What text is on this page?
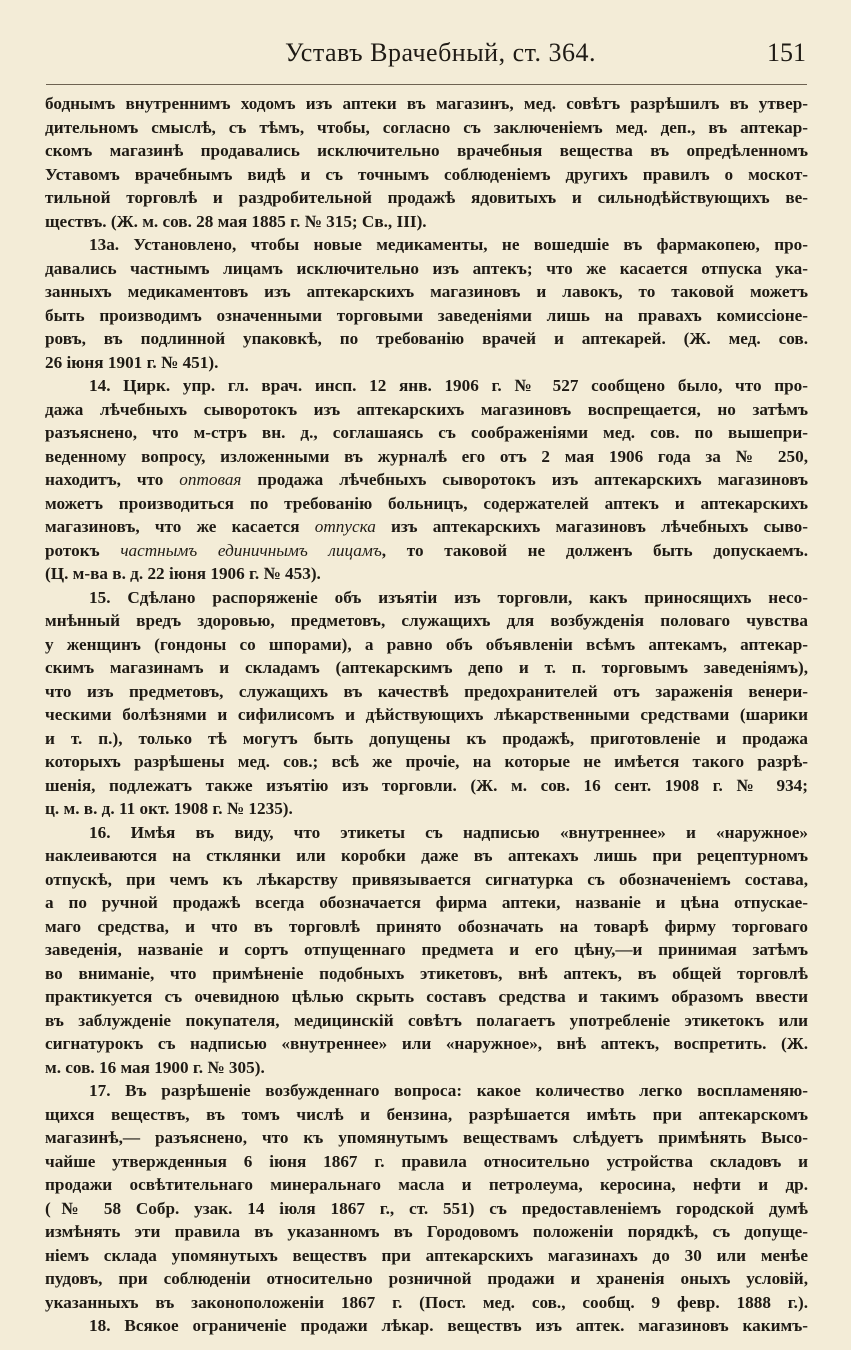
Уставъ Врачебный, ст. 364.	151
боднымъ внутреннимъ ходомъ изъ аптеки въ магазинъ, мед. совѣтъ разрѣшилъ въ утвер-
дительномъ смыслѣ, съ тѣмъ, чтобы, согласно съ заключеніемъ мед. деп., въ аптекар-
скомъ магазинѣ продавались исключительно врачебныя вещества въ опредѣленномъ
Уставомъ врачебнымъ видѣ и съ точнымъ соблюденіемъ другихъ правилъ о москот-
тильной торговлѣ и раздробительной продажѣ ядовитыхъ и сильнодѣйствующихъ ве-
ществъ. (Ж. м. сов. 28 мая 1885 г. № 315; Св., III).
13а. Установлено, чтобы новые медикаменты, не вошедшіе въ фармакопею, про-
давались частнымъ лицамъ исключительно изъ аптекъ; что же касается отпуска ука-
занныхъ медикаментовъ изъ аптекарскихъ магазиновъ и лавокъ, то таковой можетъ
быть производимъ означенными торговыми заведеніями лишь на правахъ комиссіоне-
ровъ, въ подлинной упаковкѣ, по требованію врачей и аптекарей. (Ж. мед. сов.
26 іюня 1901 г. № 451).
14. Цирк. упр. гл. врач. инсп. 12 янв. 1906 г. № 527 сообщено было, что про-
дажа лѣчебныхъ сыворотокъ изъ аптекарскихъ магазиновъ воспрещается, но затѣмъ
разъяснено, что м-стръ вн. д., соглашаясь съ соображеніями мед. сов. по вышепри-
веденному вопросу, изложенными въ журналѣ его отъ 2 мая 1906 года за № 250,
находитъ, что оптовая продажа лѣчебныхъ сыворотокъ изъ аптекарскихъ магазиновъ
можетъ производиться по требованію больницъ, содержателей аптекъ и аптекарскихъ
магазиновъ, что же касается отпуска изъ аптекарскихъ магазиновъ лѣчебныхъ сыво-
ротокъ частнымъ единичнымъ лицамъ, то таковой не долженъ быть допускаемъ.
(Ц. м-ва в. д. 22 іюня 1906 г. № 453).
15. Сдѣлано распоряженіе объ изъятіи изъ торговли, какъ приносящихъ несо-
мнѣнный вредъ здоровью, предметовъ, служащихъ для возбужденія половаго чувства
у женщинъ (гондоны со шпорами), а равно объ объявленіи всѣмъ аптекамъ, аптекар-
скимъ магазинамъ и складамъ (аптекарскимъ депо и т. п. торговымъ заведеніямъ),
что изъ предметовъ, служащихъ въ качествѣ предохранителей отъ зараженія венери-
ческими болѣзнями и сифилисомъ и дѣйствующихъ лѣкарственными средствами (шарики
и т. п.), только тѣ могутъ быть допущены къ продажѣ, приготовленіе и продажа
которыхъ разрѣшены мед. сов.; всѣ же прочіе, на которые не имѣется такого разрѣ-
шенія, подлежатъ также изъятію изъ торговли. (Ж. м. сов. 16 сент. 1908 г. № 934;
ц. м. в. д. 11 окт. 1908 г. № 1235).
16. Имѣя въ виду, что этикеты съ надписью «внутреннее» и «наружное»
наклеиваются на стклянки или коробки даже въ аптекахъ лишь при рецептурномъ
отпускѣ, при чемъ къ лѣкарству привязывается сигнатурка съ обозначеніемъ состава,
а по ручной продажѣ всегда обозначается фирма аптеки, названіе и цѣна отпускае-
маго средства, и что въ торговлѣ принято обозначать на товарѣ фирму торговаго
заведенія, названіе и сортъ отпущеннаго предмета и его цѣну,—и принимая затѣмъ
во вниманіе, что примѣненіе подобныхъ этикетовъ, внѣ аптекъ, въ общей торговлѣ
практикуется съ очевидною цѣлью скрыть составъ средства и такимъ образомъ ввести
въ заблужденіе покупателя, медицинскій совѣтъ полагаетъ употребленіе этикетокъ или
сигнатурокъ съ надписью «внутреннее» или «наружное», внѣ аптекъ, воспретить. (Ж.
м. сов. 16 мая 1900 г. № 305).
17. Въ разрѣшеніе возбужденнаго вопроса: какое количество легко воспламеняю-
щихся веществъ, въ томъ числѣ и бензина, разрѣшается имѣть при аптекарскомъ
магазинѣ,— разъяснено, что къ упомянутымъ веществамъ слѣдуетъ примѣнять Высо-
чайше утвержденныя 6 іюня 1867 г. правила относительно устройства складовъ и
продажи освѣтительнаго минеральнаго масла и петролеума, керосина, нефти и др.
(№ 58 Собр. узак. 14 іюля 1867 г., ст. 551) съ предоставленіемъ городской думѣ
измѣнять эти правила въ указанномъ въ Городовомъ положеніи порядкѣ, съ допуще-
ніемъ склада упомянутыхъ веществъ при аптекарскихъ магазинахъ до 30 или менѣе
пудовъ, при соблюденіи относительно розничной продажи и храненія оныхъ условій,
указанныхъ въ законоположеніи 1867 г. (Пост. мед. сов., сообщ. 9 февр. 1888 г.).
18. Всякое ограниченіе продажи лѣкар. веществъ изъ аптек. магазиновъ какимъ-
